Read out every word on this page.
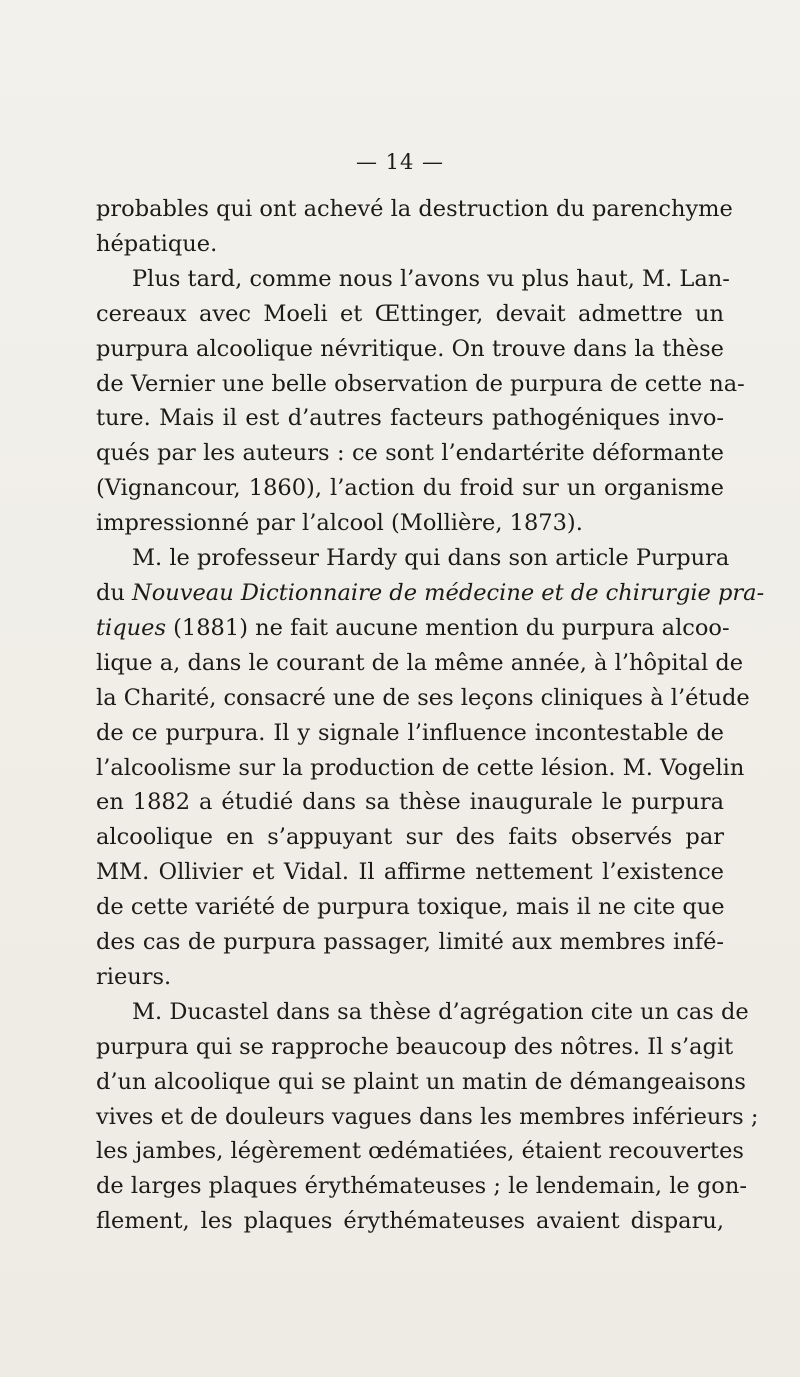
— 14 —

probables qui ont achevé la destruction du parenchyme
hépatique.

Plus tard, comme nous l’avons vu plus haut, M. Lan-
cereaux avec Moeli et Œttinger, devait admettre un
purpura alcoolique névritique. On trouve dans la thèse
de Vernier une belle observation de purpura de cette na-
ture. Mais il est d’autres facteurs pathogéniques invo-
qués par les auteurs : ce sont l’endartérite déformante
(Vignancour, 1860), l’action du froid sur un organisme
impressionné par l’alcool (Mollière, 1873).

M. le professeur Hardy qui dans son article Purpura
du Nouveau Dictionnaire de médecine et de chirurgie pra-
tiques (1881) ne fait aucune mention du purpura alcoo-
lique a, dans le courant de la même année, à l’hôpital de
la Charité, consacré une de ses leçons cliniques à l’étude
de ce purpura. Il y signale l’influence incontestable de
l’alcoolisme sur la production de cette lésion. M. Vogelin
en 1882 a étudié dans sa thèse inaugurale le purpura
alcoolique en s’appuyant sur des faits observés par
MM. Ollivier et Vidal. Il affirme nettement l’existence
de cette variété de purpura toxique, mais il ne cite que
des cas de purpura passager, limité aux membres infé-
rieurs.

M. Ducastel dans sa thèse d’agrégation cite un cas de
purpura qui se rapproche beaucoup des nôtres. Il s’agit
d’un alcoolique qui se plaint un matin de démangeaisons
vives et de douleurs vagues dans les membres inférieurs ;
les jambes, légèrement œdématiées, étaient recouvertes
de larges plaques érythémateuses ; le lendemain, le gon-
flement, les plaques érythémateuses avaient disparu,
